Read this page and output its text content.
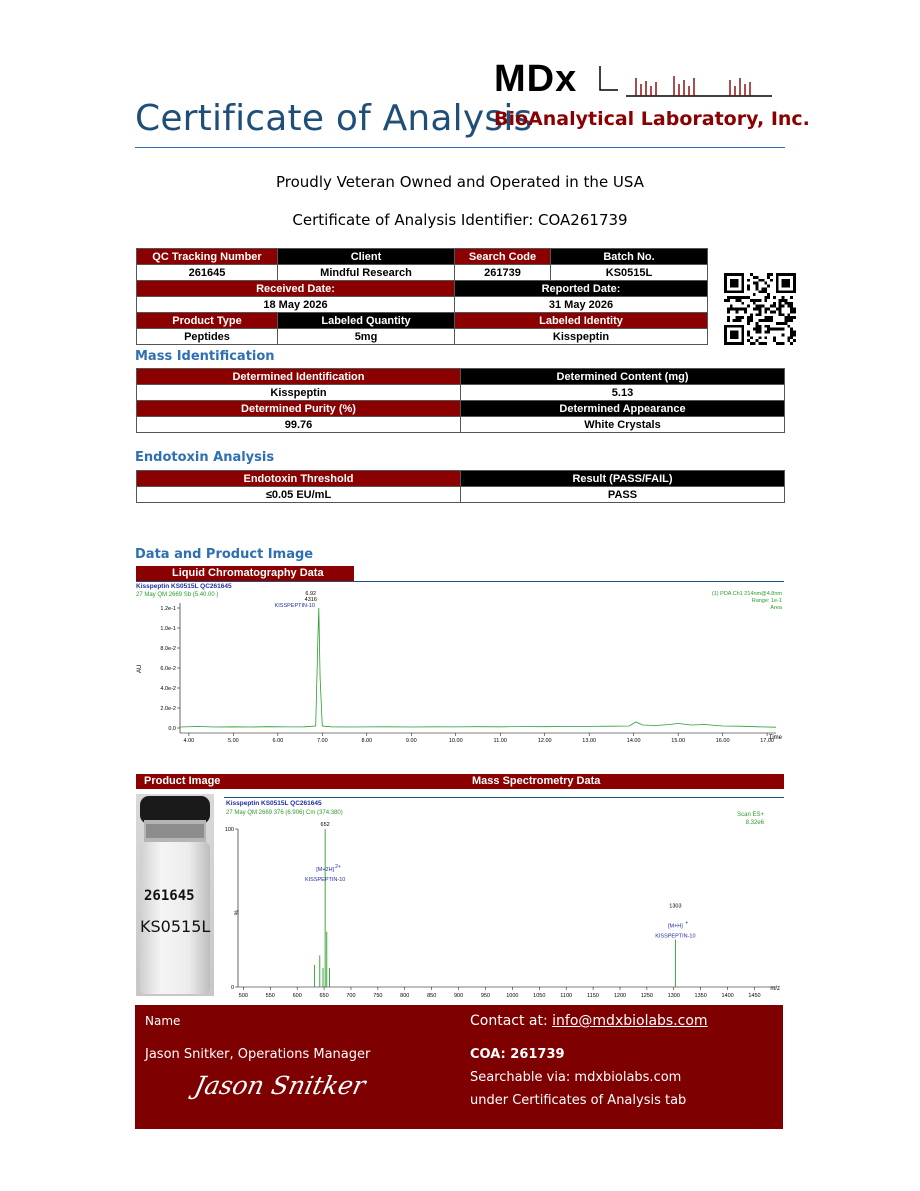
Certificate of Analysis
MDx
BioAnalytical Laboratory, Inc.
Proudly Veteran Owned and Operated in the USA
Certificate of Analysis Identifier: COA261739
QC Tracking Number	Client	Search Code	Batch No.
261645	Mindful Research	261739	KS0515L
Received Date:		Reported Date:	
18 May 2026		31 May 2026	
Product Type	Labeled Quantity	Labeled Identity	
Peptides	5mg	Kisspeptin	
Mass Identification
Determined Identification	Determined Content (mg)
Kisspeptin	5.13
Determined Purity (%)	Determined Appearance
99.76	White Crystals
Endotoxin Analysis
Endotoxin Threshold	Result (PASS/FAIL)
≤0.05 EU/mL	PASS
Data and Product Image
Liquid Chromatography Data
Kisspeptin KS0515L QC261645
27 May QM 2669 Sb (5.40.00 )	(1) PDA Ch1 214nm@4.8nm
Range: 1e-1
Area
AU
4.00	5.00	6.00	7.00	8.00	9.00	10.00	11.00	12.00	13.00	14.00	15.00	16.00	17.00
0.0
2.0e-2
4.0e-2
6.0e-2
8.0e-2
1.0e-1
1.2e-1
6.92
4316
KISSPEPTIN-10
Time
Product Image	Mass Spectrometry Data
261645
KS0515L
Kisspeptin KS0515L QC261645
27 May QM 2669 376 (6.906) Cm (374:380)	Scan ES+
8.32e6
%
500	550	600	650	700	750	800	850	900	950	1000	1050	1100	1150	1200	1250	1300	1350	1400	1450
0
100
652
[M+2H] 2+
KISSPEPTIN-10
1303
[M+H] +
KISSPEPTIN-10
m/z
Name	Contact at: info@mdxbiolabs.com
Jason Snitker, Operations Manager
Jason Snitker
COA: 261739
Searchable via: mdxbiolabs.com
under Certificates of Analysis tab
